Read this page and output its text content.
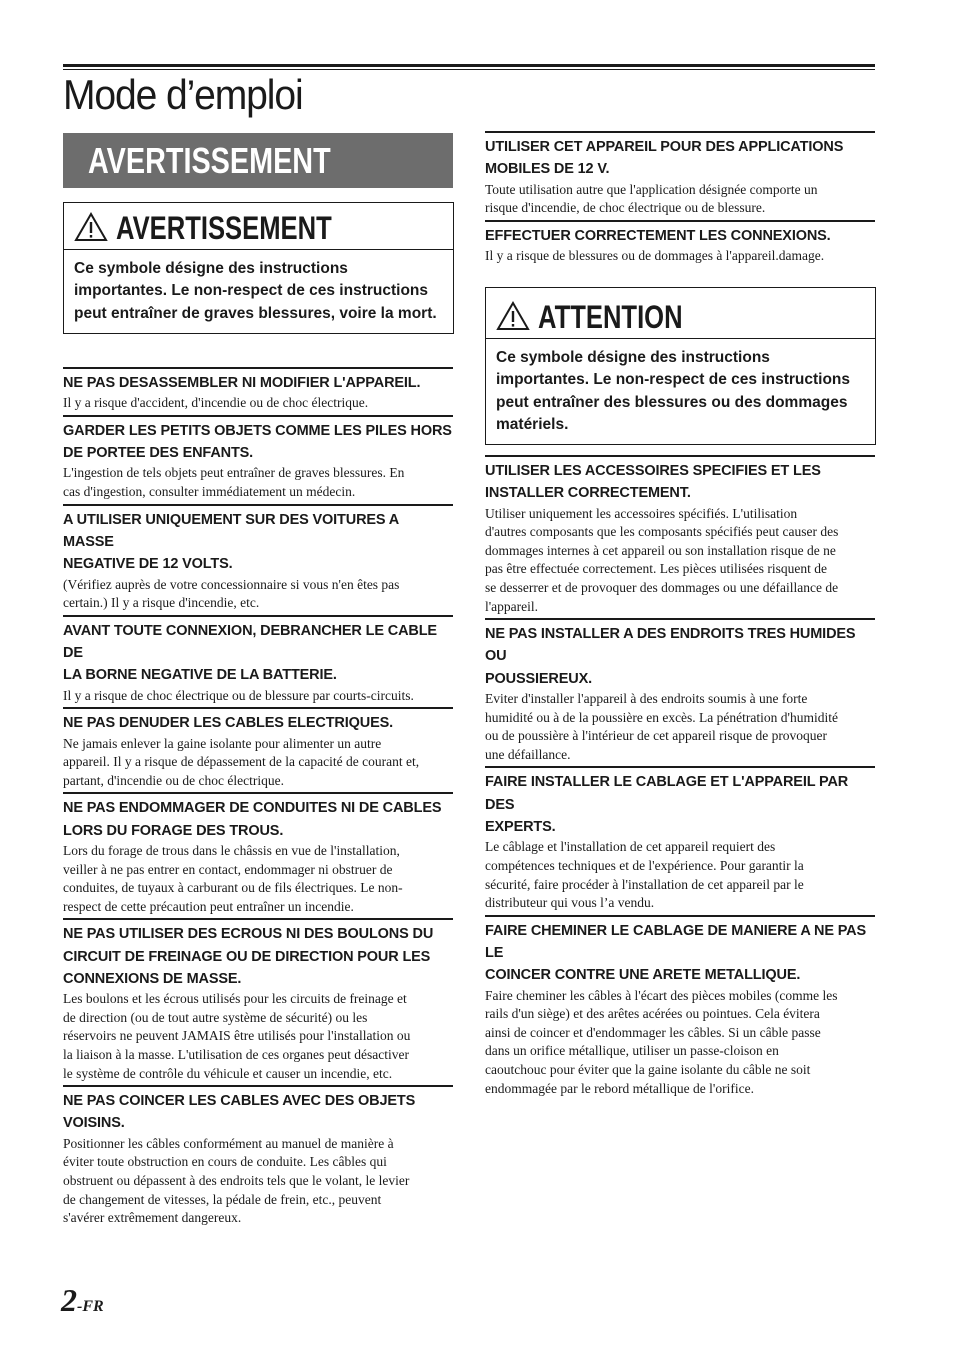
Mode d’emploi
AVERTISSEMENT
AVERTISSEMENT
Ce symbole désigne des instructions importantes. Le non-respect de ces instructions peut entraîner de graves blessures, voire la mort.
NE PAS DESASSEMBLER NI MODIFIER L'APPAREIL.
Il y a risque d'accident, d'incendie ou de choc électrique.
GARDER LES PETITS OBJETS COMME LES PILES HORS
DE PORTEE DES ENFANTS.
L'ingestion de tels objets peut entraîner de graves blessures. En
cas d'ingestion, consulter immédiatement un médecin.
A UTILISER UNIQUEMENT SUR DES VOITURES A MASSE
NEGATIVE DE 12 VOLTS.
(Vérifiez auprès de votre concessionnaire si vous n'en êtes pas
certain.) Il y a risque d'incendie, etc.
AVANT TOUTE CONNEXION, DEBRANCHER LE CABLE DE
LA BORNE NEGATIVE DE LA BATTERIE.
Il y a risque de choc électrique ou de blessure par courts-circuits.
NE PAS DENUDER LES CABLES ELECTRIQUES.
Ne jamais enlever la gaine isolante pour alimenter un autre
appareil. Il y a risque de dépassement de la capacité de courant et,
partant, d'incendie ou de choc électrique.
NE PAS ENDOMMAGER DE CONDUITES NI DE CABLES
LORS DU FORAGE DES TROUS.
Lors du forage de trous dans le châssis en vue de l'installation,
veiller à ne pas entrer en contact, endommager ni obstruer de
conduites, de tuyaux à carburant ou de fils électriques. Le non-
respect de cette précaution peut entraîner un incendie.
NE PAS UTILISER DES ECROUS NI DES BOULONS DU
CIRCUIT DE FREINAGE OU DE DIRECTION POUR LES
CONNEXIONS DE MASSE.
Les boulons et les écrous utilisés pour les circuits de freinage et
de direction (ou de tout autre système de sécurité) ou les
réservoirs ne peuvent JAMAIS être utilisés pour l'installation ou
la liaison à la masse. L'utilisation de ces organes peut désactiver
le système de contrôle du véhicule et causer un incendie, etc.
NE PAS COINCER LES CABLES AVEC DES OBJETS
VOISINS.
Positionner les câbles conformément au manuel de manière à
éviter toute obstruction en cours de conduite. Les câbles qui
obstruent ou dépassent à des endroits tels que le volant, le levier
de changement de vitesses, la pédale de frein, etc., peuvent
s'avérer extrêmement dangereux.
UTILISER CET APPAREIL POUR DES APPLICATIONS
MOBILES DE 12 V.
Toute utilisation autre que l'application désignée comporte un
risque d'incendie, de choc électrique ou de blessure.
EFFECTUER CORRECTEMENT LES CONNEXIONS.
Il y a risque de blessures ou de dommages à l'appareil.damage.
ATTENTION
Ce symbole désigne des instructions importantes. Le non-respect de ces instructions peut entraîner des blessures ou des dommages matériels.
UTILISER LES ACCESSOIRES SPECIFIES ET LES
INSTALLER CORRECTEMENT.
Utiliser uniquement les accessoires spécifiés. L'utilisation
d'autres composants que les composants spécifiés peut causer des
dommages internes à cet appareil ou son installation risque de ne
pas être effectuée correctement. Les pièces utilisées risquent de
se desserrer et de provoquer des dommages ou une défaillance de
l'appareil.
NE PAS INSTALLER A DES ENDROITS TRES HUMIDES OU
POUSSIEREUX.
Eviter d'installer l'appareil à des endroits soumis à une forte
humidité ou à de la poussière en excès. La pénétration d'humidité
ou de poussière à l'intérieur de cet appareil risque de provoquer
une défaillance.
FAIRE INSTALLER LE CABLAGE ET L'APPAREIL PAR DES
EXPERTS.
Le câblage et l'installation de cet appareil requiert des
compétences techniques et de l'expérience. Pour garantir la
sécurité, faire procéder à l'installation de cet appareil par le
distributeur qui vous l’a vendu.
FAIRE CHEMINER LE CABLAGE DE MANIERE A NE PAS LE
COINCER CONTRE UNE ARETE METALLIQUE.
Faire cheminer les câbles à l'écart des pièces mobiles (comme les
rails d'un siège) et des arêtes acérées ou pointues. Cela évitera
ainsi de coincer et d'endommager les câbles. Si un câble passe
dans un orifice métallique, utiliser un passe-cloison en
caoutchouc pour éviter que la gaine isolante du câble ne soit
endommagée par le rebord métallique de l'orifice.
2-FR
